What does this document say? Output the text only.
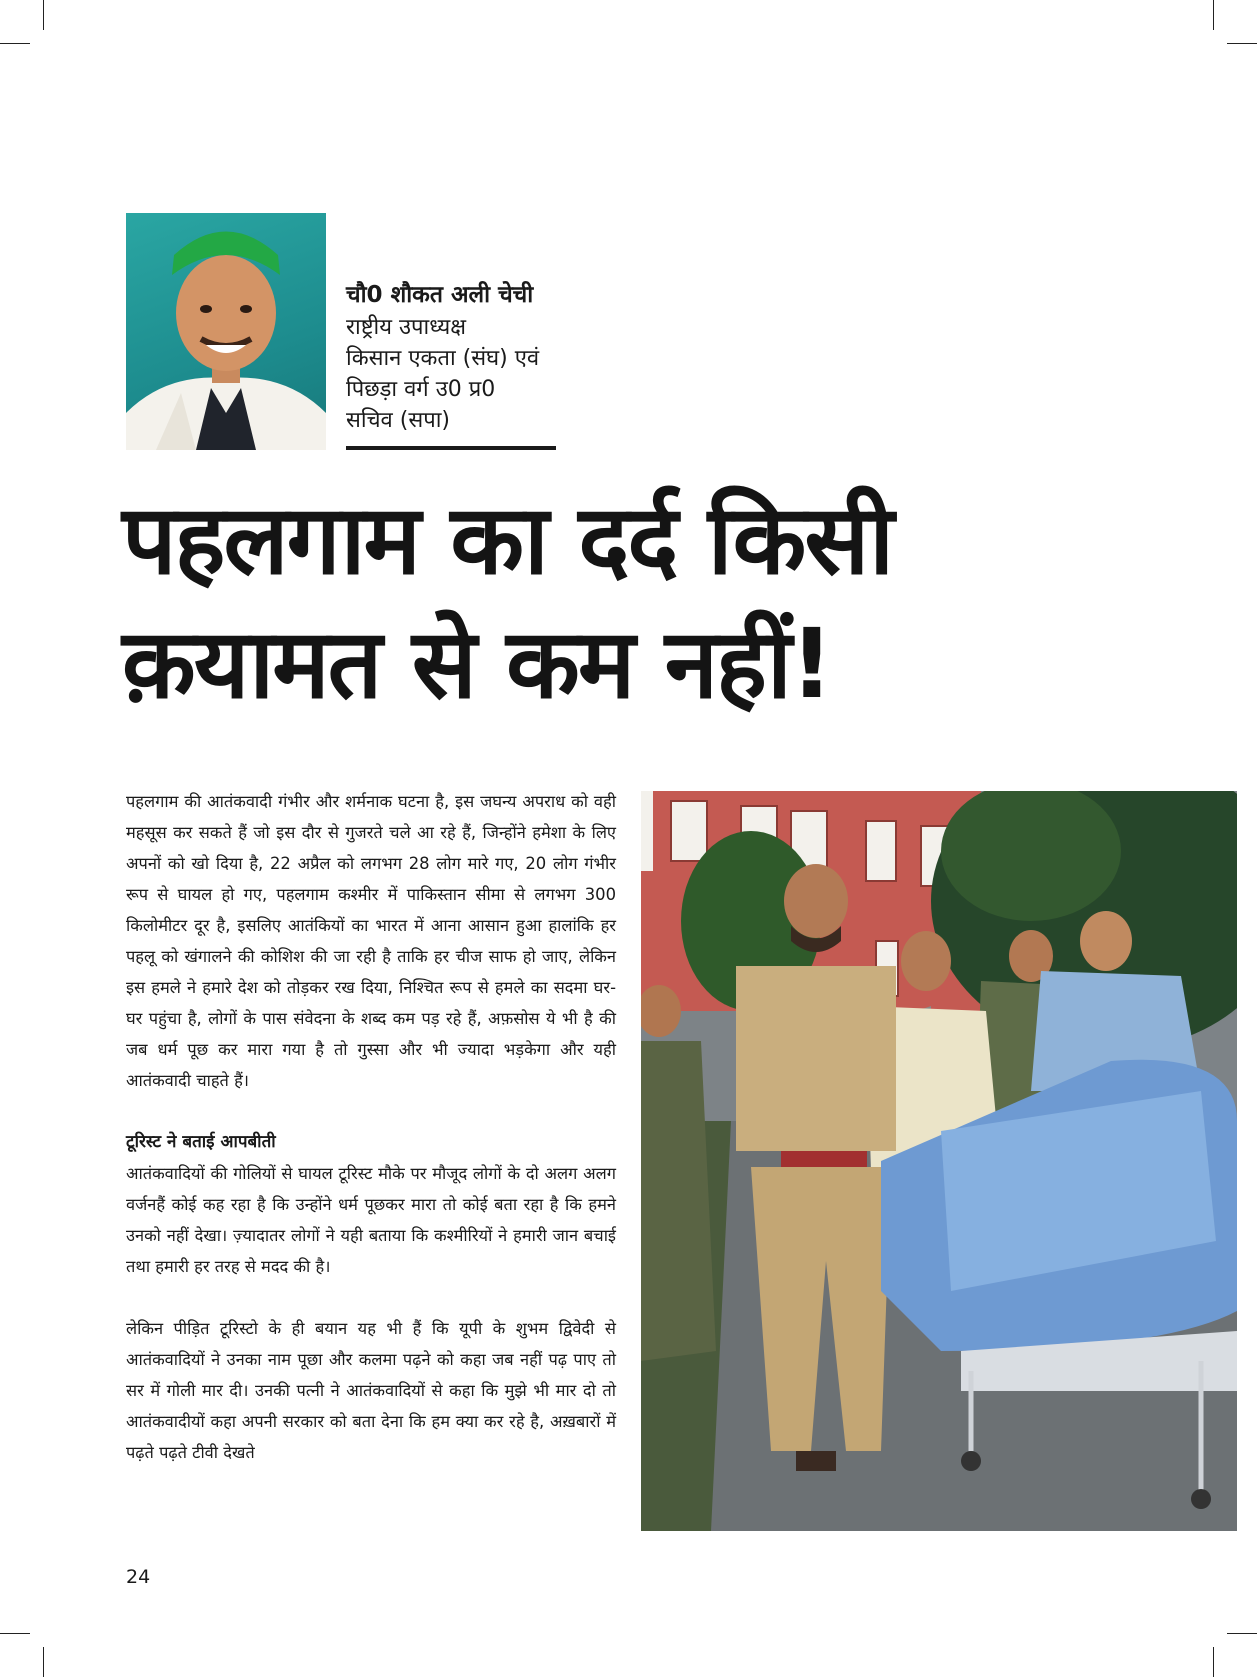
चौ0 शौकत अली चेची
राष्ट्रीय उपाध्यक्ष
किसान एकता (संघ) एवं
पिछड़ा वर्ग उ0 प्र0
सचिव (सपा)
पहलगाम का दर्द किसी
क़यामत से कम नहीं!

पहलगाम की आतंकवादी गंभीर और शर्मनाक घटना है, इस जघन्य अपराध को वही महसूस कर सकते हैं जो इस दौर से गुजरते चले आ रहे हैं, जिन्होंने हमेशा के लिए अपनों को खो दिया है, 22 अप्रैल को लगभग 28 लोग मारे गए, 20 लोग गंभीर रूप से घायल हो गए, पहलगाम कश्मीर में पाकिस्तान सीमा से लगभग 300 किलोमीटर दूर है, इसलिए आतंकियों का भारत में आना आसान हुआ हालांकि हर पहलू को खंगालने की कोशिश की जा रही है ताकि हर चीज साफ हो जाए, लेकिन इस हमले ने हमारे देश को तोड़कर रख दिया, निश्चित रूप से हमले का सदमा घर-घर पहुंचा है, लोगों के पास संवेदना के शब्द कम पड़ रहे हैं, अफ़सोस ये भी है की जब धर्म पूछ कर मारा गया है तो गुस्सा और भी ज्यादा भड़केगा और यही आतंकवादी चाहते हैं।

टूरिस्ट ने बताई आपबीती

आतंकवादियों की गोलियों से घायल टूरिस्ट मौके पर मौजूद लोगों के दो अलग अलग वर्जनहैं कोई कह रहा है कि उन्होंने धर्म पूछकर मारा तो कोई बता रहा है कि हमने उनको नहीं देखा। ज़्यादातर लोगों ने यही बताया कि कश्मीरियों ने हमारी जान बचाई तथा हमारी हर तरह से मदद की है।

लेकिन पीड़ित टूरिस्टो के ही बयान यह भी हैं कि यूपी के शुभम द्विवेदी से आतंकवादियों ने उनका नाम पूछा और कलमा पढ़ने को कहा जब नहीं पढ़ पाए तो सर में गोली मार दी। उनकी पत्नी ने आतंकवादियों से कहा कि मुझे भी मार दो तो आतंकवादीयों कहा अपनी सरकार को बता देना कि हम क्या कर रहे है, अख़बारों में पढ़ते पढ़ते टीवी देखते

24
